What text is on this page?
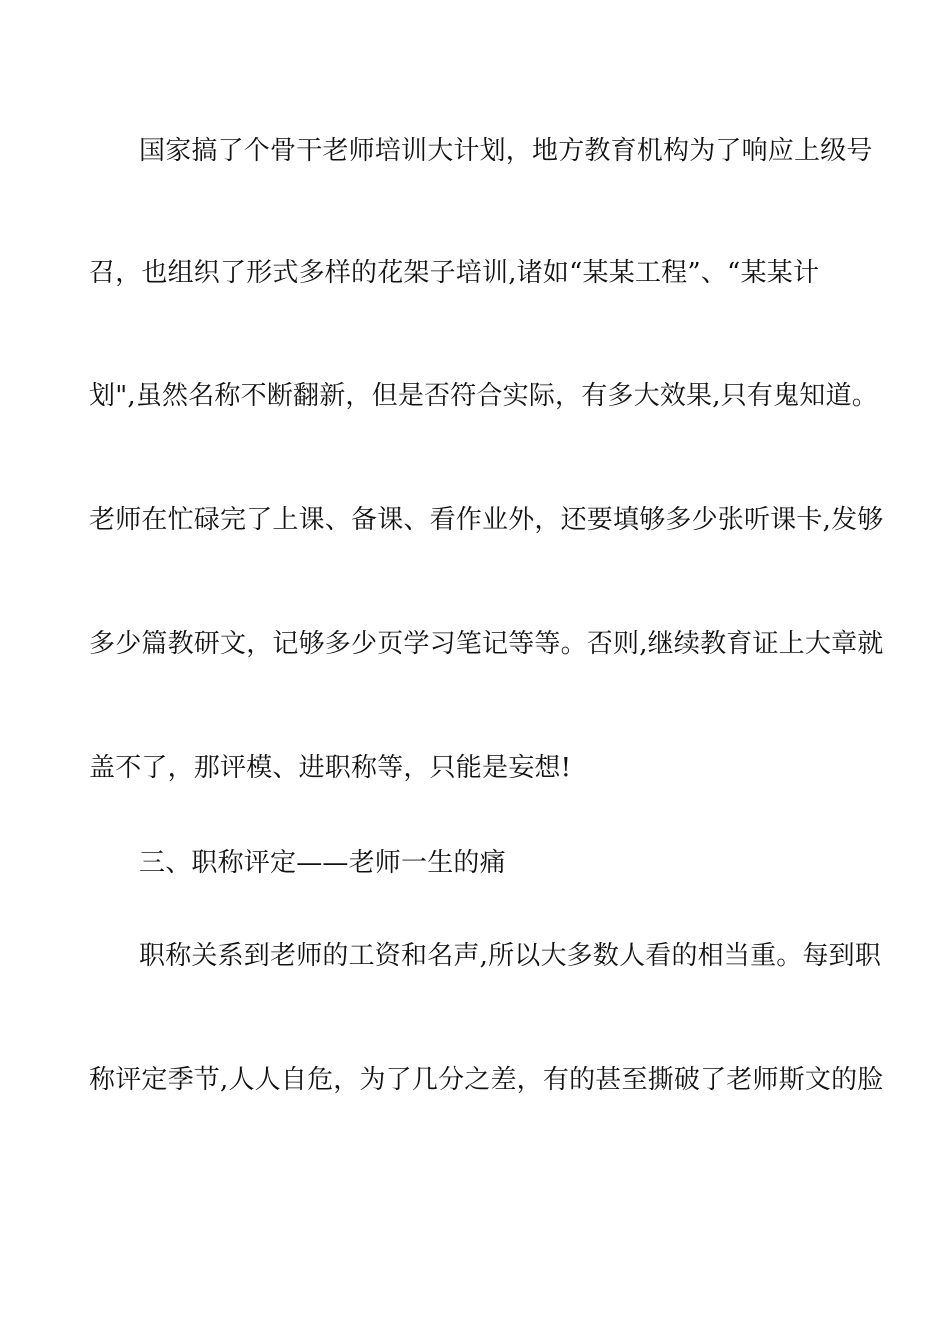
国家搞了个骨干老师培训大计划，地方教育机构为了响应上级号
召，也组织了形式多样的花架子培训,诸如“某某工程”、“某某计
划",虽然名称不断翻新，但是否符合实际，有多大效果,只有鬼知道。
老师在忙碌完了上课、备课、看作业外，还要填够多少张听课卡,发够
多少篇教研文，记够多少页学习笔记等等。否则,继续教育证上大章就
盖不了，那评模、进职称等，只能是妄想!
三、职称评定——老师一生的痛
职称关系到老师的工资和名声,所以大多数人看的相当重。每到职
称评定季节,人人自危，为了几分之差，有的甚至撕破了老师斯文的脸
